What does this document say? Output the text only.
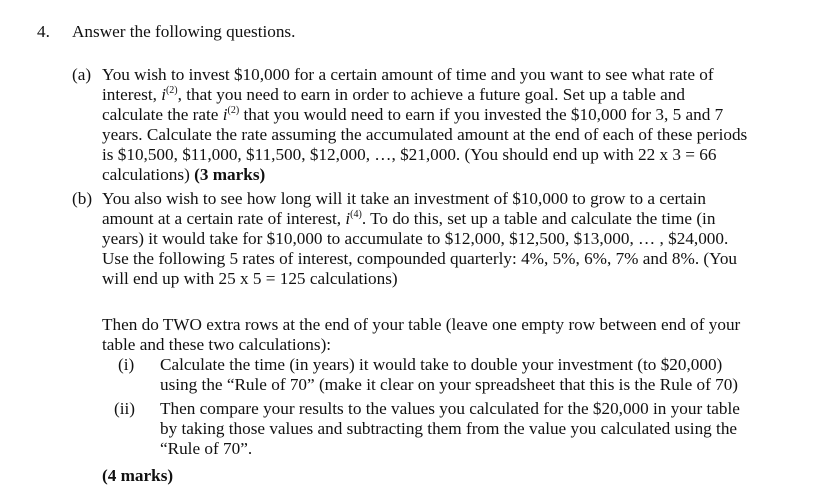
4. Answer the following questions.
(a) You wish to invest $10,000 for a certain amount of time and you want to see what rate of
interest, $i^{(2)}$, that you need to earn in order to achieve a future goal. Set up a table and
calculate the rate $i^{(2)}$ that you would need to earn if you invested the $10,000 for 3, 5 and 7
years. Calculate the rate assuming the accumulated amount at the end of each of these periods
is $10,500, $11,000, $11,500, $12,000, …, $21,000. (You should end up with 22 x 3 = 66
calculations) (3 marks)
(b) You also wish to see how long will it take an investment of $10,000 to grow to a certain
amount at a certain rate of interest, $i^{(4)}$. To do this, set up a table and calculate the time (in
years) it would take for $10,000 to accumulate to $12,000, $12,500, $13,000, … , $24,000.
Use the following 5 rates of interest, compounded quarterly: 4%, 5%, 6%, 7% and 8%. (You
will end up with 25 x 5 = 125 calculations)
Then do TWO extra rows at the end of your table (leave one empty row between end of your
table and these two calculations):
(i) Calculate the time (in years) it would take to double your investment (to $20,000)
using the “Rule of 70” (make it clear on your spreadsheet that this is the Rule of 70)
(ii) Then compare your results to the values you calculated for the $20,000 in your table
by taking those values and subtracting them from the value you calculated using the
“Rule of 70”.
(4 marks)
